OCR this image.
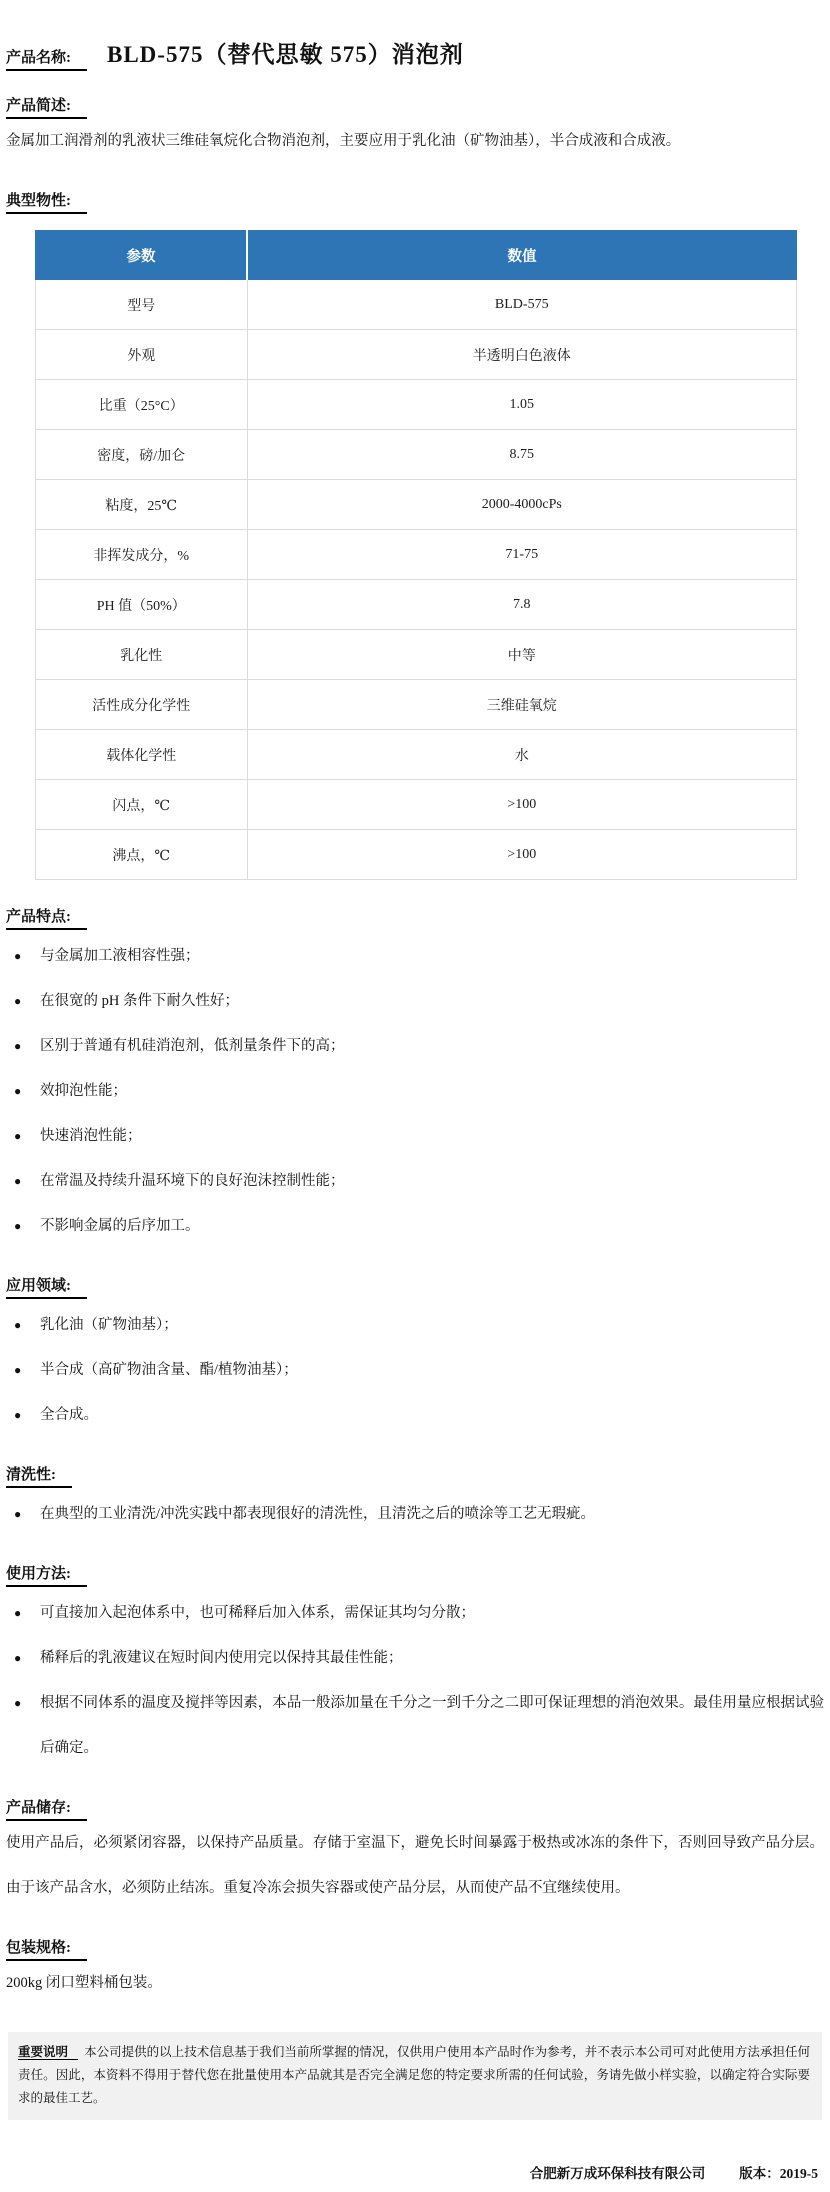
产品名称: BLD-575（替代思敏 575）消泡剂
产品简述:

金属加工润滑剂的乳液状三维硅氧烷化合物消泡剂，主要应用于乳化油（矿物油基），半合成液和合成液。

典型物性:
参数	数值
型号	BLD-575
外观	半透明白色液体
比重（25°C）	1.05
密度，磅/加仑	8.75
粘度，25℃	2000-4000cPs
非挥发成分，%	71-75
PH 值（50%）	7.8
乳化性	中等
活性成分化学性	三维硅氧烷
载体化学性	水
闪点，℃	>100
沸点，℃	>100
产品特点:
● 与金属加工液相容性强；
● 在很宽的 pH 条件下耐久性好；
● 区别于普通有机硅消泡剂，低剂量条件下的高；
● 效抑泡性能；
● 快速消泡性能；
● 在常温及持续升温环境下的良好泡沫控制性能；
● 不影响金属的后序加工。
应用领域:
● 乳化油（矿物油基）；
● 半合成（高矿物油含量、酯/植物油基）；
● 全合成。
清洗性:
● 在典型的工业清洗/冲洗实践中都表现很好的清洗性，且清洗之后的喷涂等工艺无瑕疵。
使用方法:
● 可直接加入起泡体系中，也可稀释后加入体系，需保证其均匀分散；
● 稀释后的乳液建议在短时间内使用完以保持其最佳性能；
● 根据不同体系的温度及搅拌等因素，本品一般添加量在千分之一到千分之二即可保证理想的消泡效果。最佳用量应根据试验后确定。
产品储存:

使用产品后，必须紧闭容器，以保持产品质量。存储于室温下，避免长时间暴露于极热或冰冻的条件下，否则回导致产品分层。由于该产品含水，必须防止结冻。重复冷冻会损失容器或使产品分层，从而使产品不宜继续使用。

包装规格:

200kg 闭口塑料桶包装。

重要说明 本公司提供的以上技术信息基于我们当前所掌握的情况，仅供用户使用本产品时作为参考，并不表示本公司可对此使用方法承担任何责任。因此，本资料不得用于替代您在批量使用本产品就其是否完全满足您的特定要求所需的任何试验，务请先做小样实验，以确定符合实际要求的最佳工艺。
合肥新万成环保科技有限公司	版本：2019-5
